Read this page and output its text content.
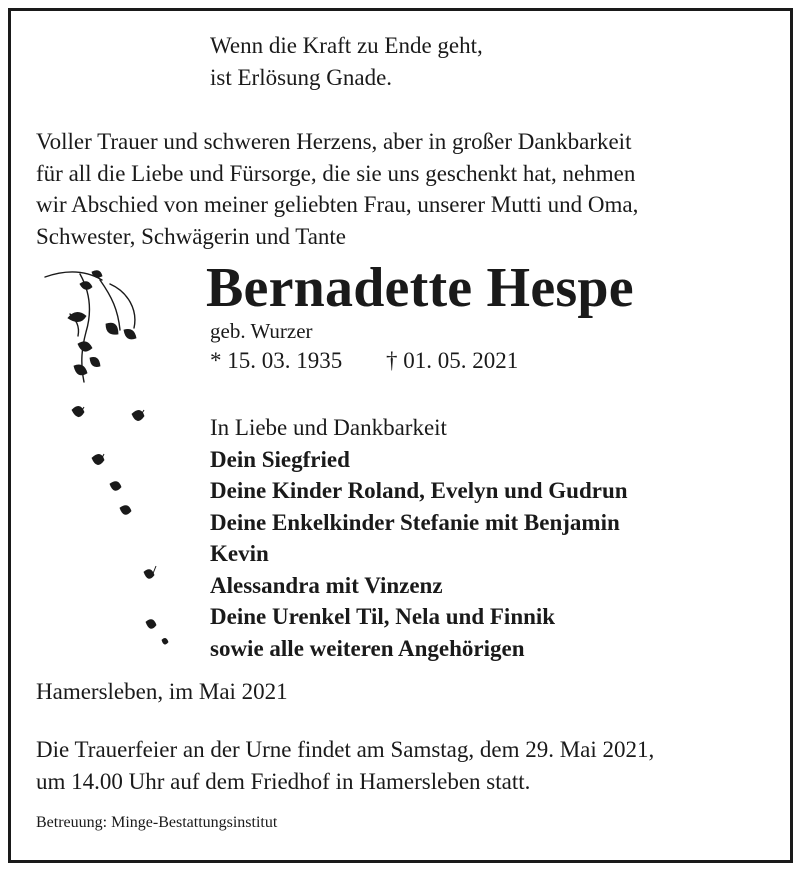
Wenn die Kraft zu Ende geht,
ist Erlösung Gnade.
Voller Trauer und schweren Herzens, aber in großer Dankbarkeit
für all die Liebe und Fürsorge, die sie uns geschenkt hat, nehmen
wir Abschied von meiner geliebten Frau, unserer Mutti und Oma,
Schwester, Schwägerin und Tante
Bernadette Hespe
geb. Wurzer
* 15. 03. 1935 † 01. 05. 2021
In Liebe und Dankbarkeit
Dein Siegfried
Deine Kinder Roland, Evelyn und Gudrun
Deine Enkelkinder Stefanie mit Benjamin
Kevin
Alessandra mit Vinzenz
Deine Urenkel Til, Nela und Finnik
sowie alle weiteren Angehörigen
Hamersleben, im Mai 2021
Die Trauerfeier an der Urne findet am Samstag, dem 29. Mai 2021,
um 14.00 Uhr auf dem Friedhof in Hamersleben statt.
Betreuung: Minge-Bestattungsinstitut
